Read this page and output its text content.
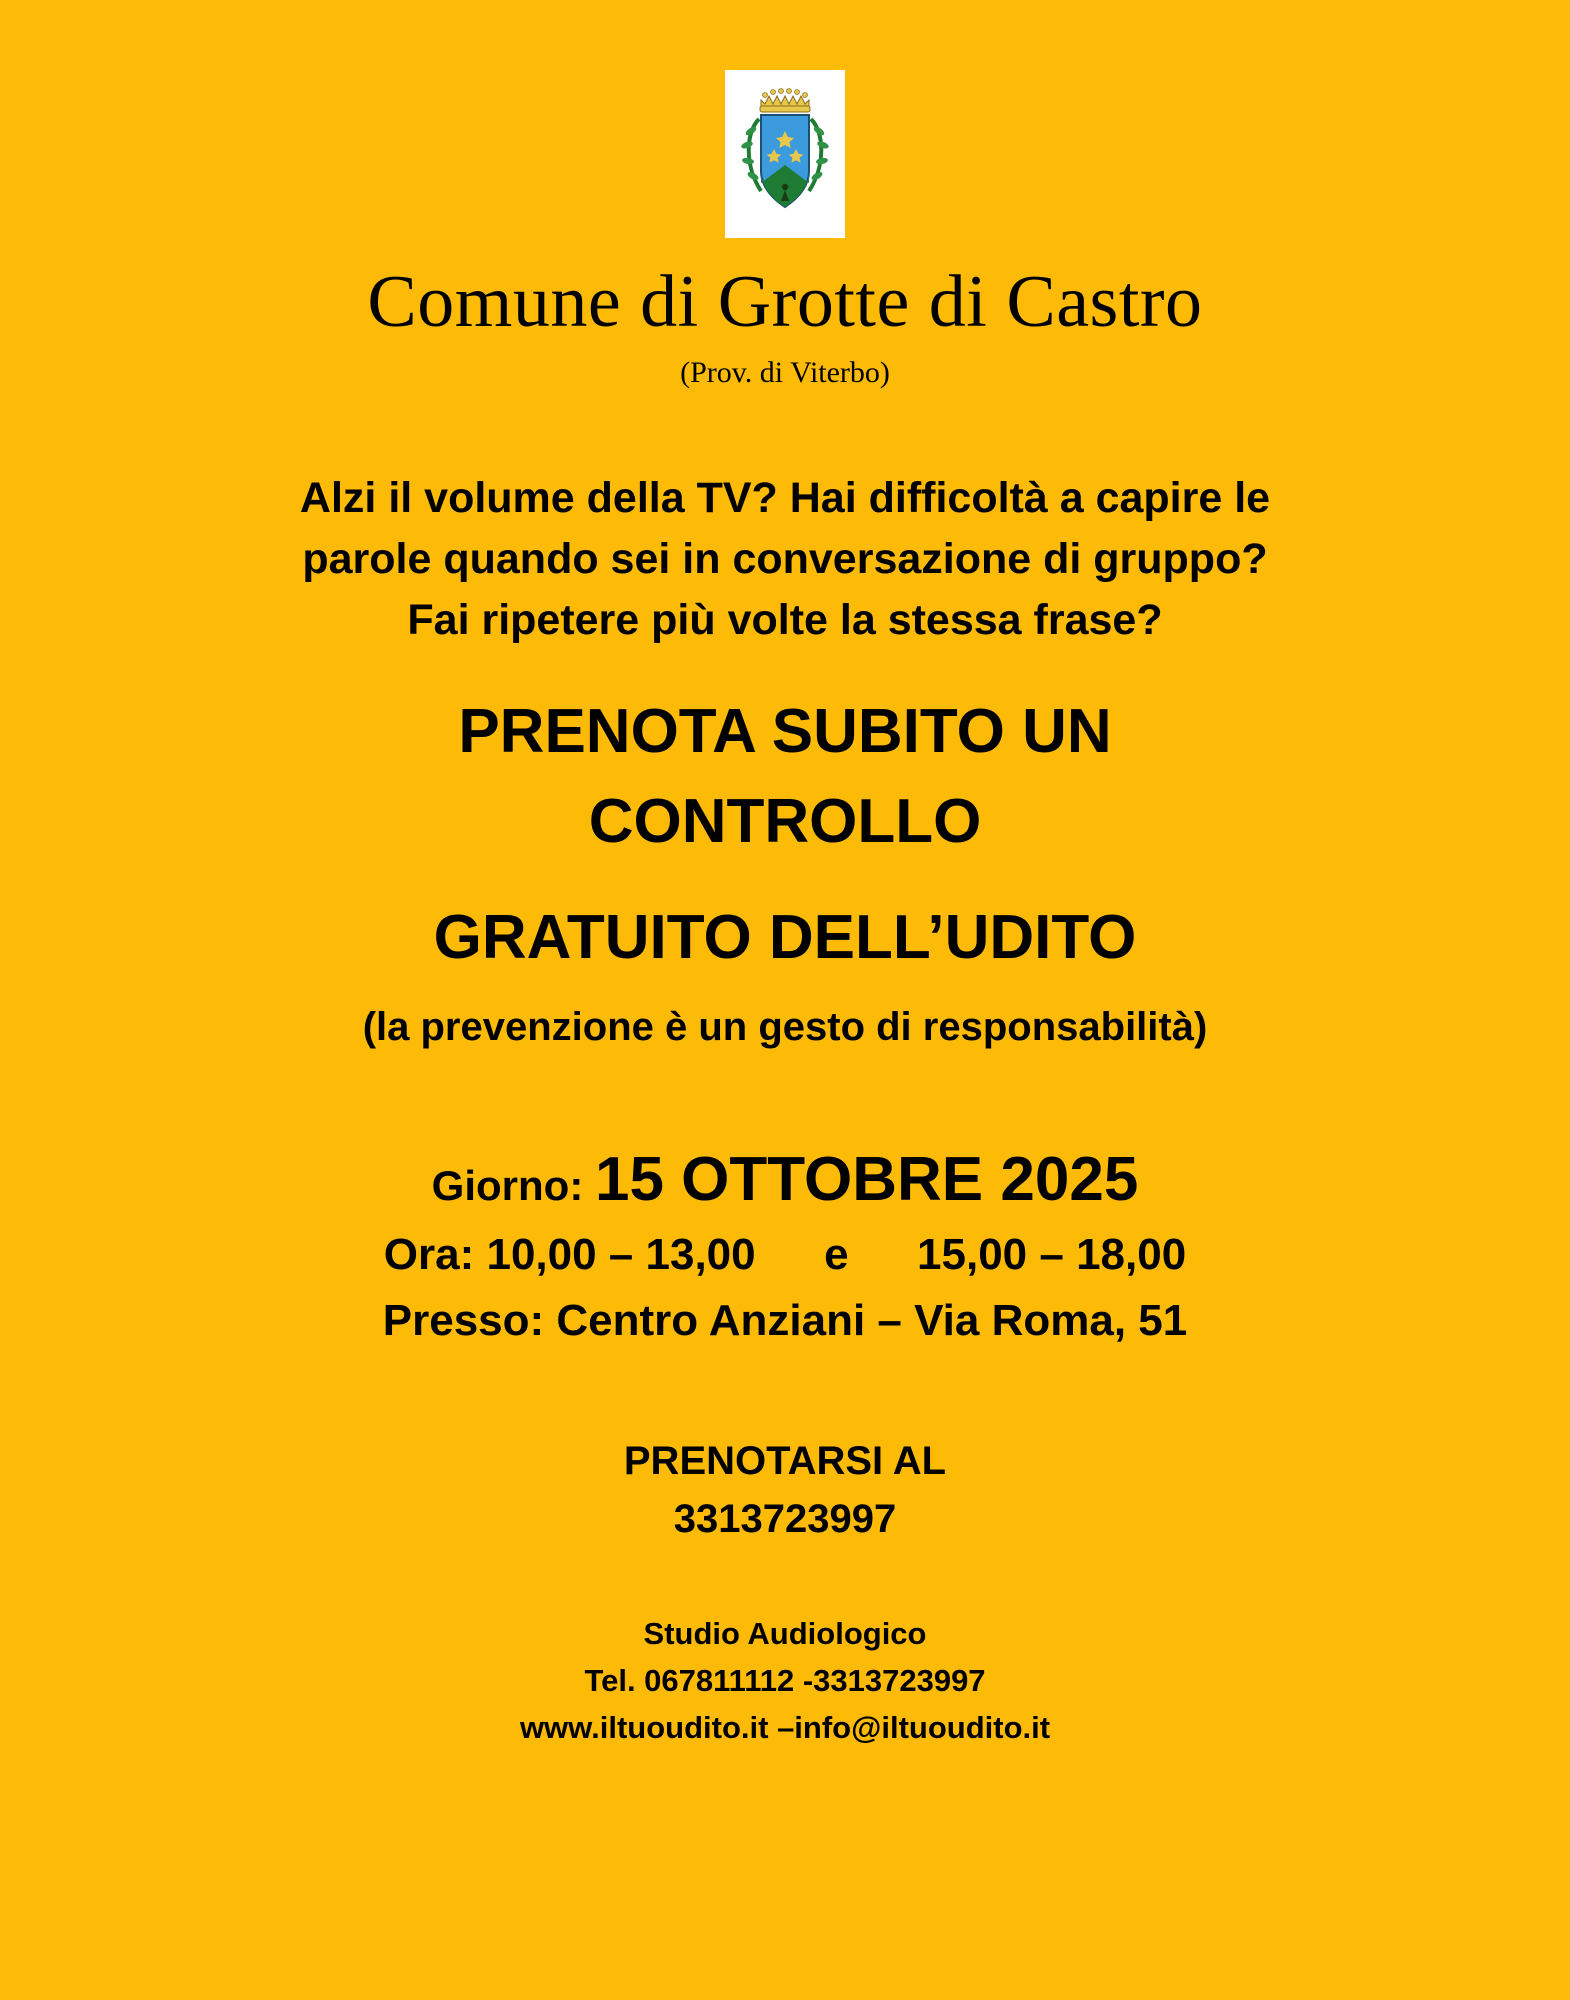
Comune di Grotte di Castro
(Prov. di Viterbo)
Alzi il volume della TV? Hai difficoltà a capire le
parole quando sei in conversazione di gruppo?
Fai ripetere più volte la stessa frase?
PRENOTA SUBITO UN
CONTROLLO
GRATUITO DELL’UDITO
(la prevenzione è un gesto di responsabilità)
Giorno: 15 OTTOBRE 2025
Ora: 10,00 – 13,00 e 15,00 – 18,00
Presso: Centro Anziani – Via Roma, 51
PRENOTARSI AL
3313723997
Studio Audiologico
Tel. 067811112 -3313723997
www.iltuoudito.it –info@iltuoudito.it
